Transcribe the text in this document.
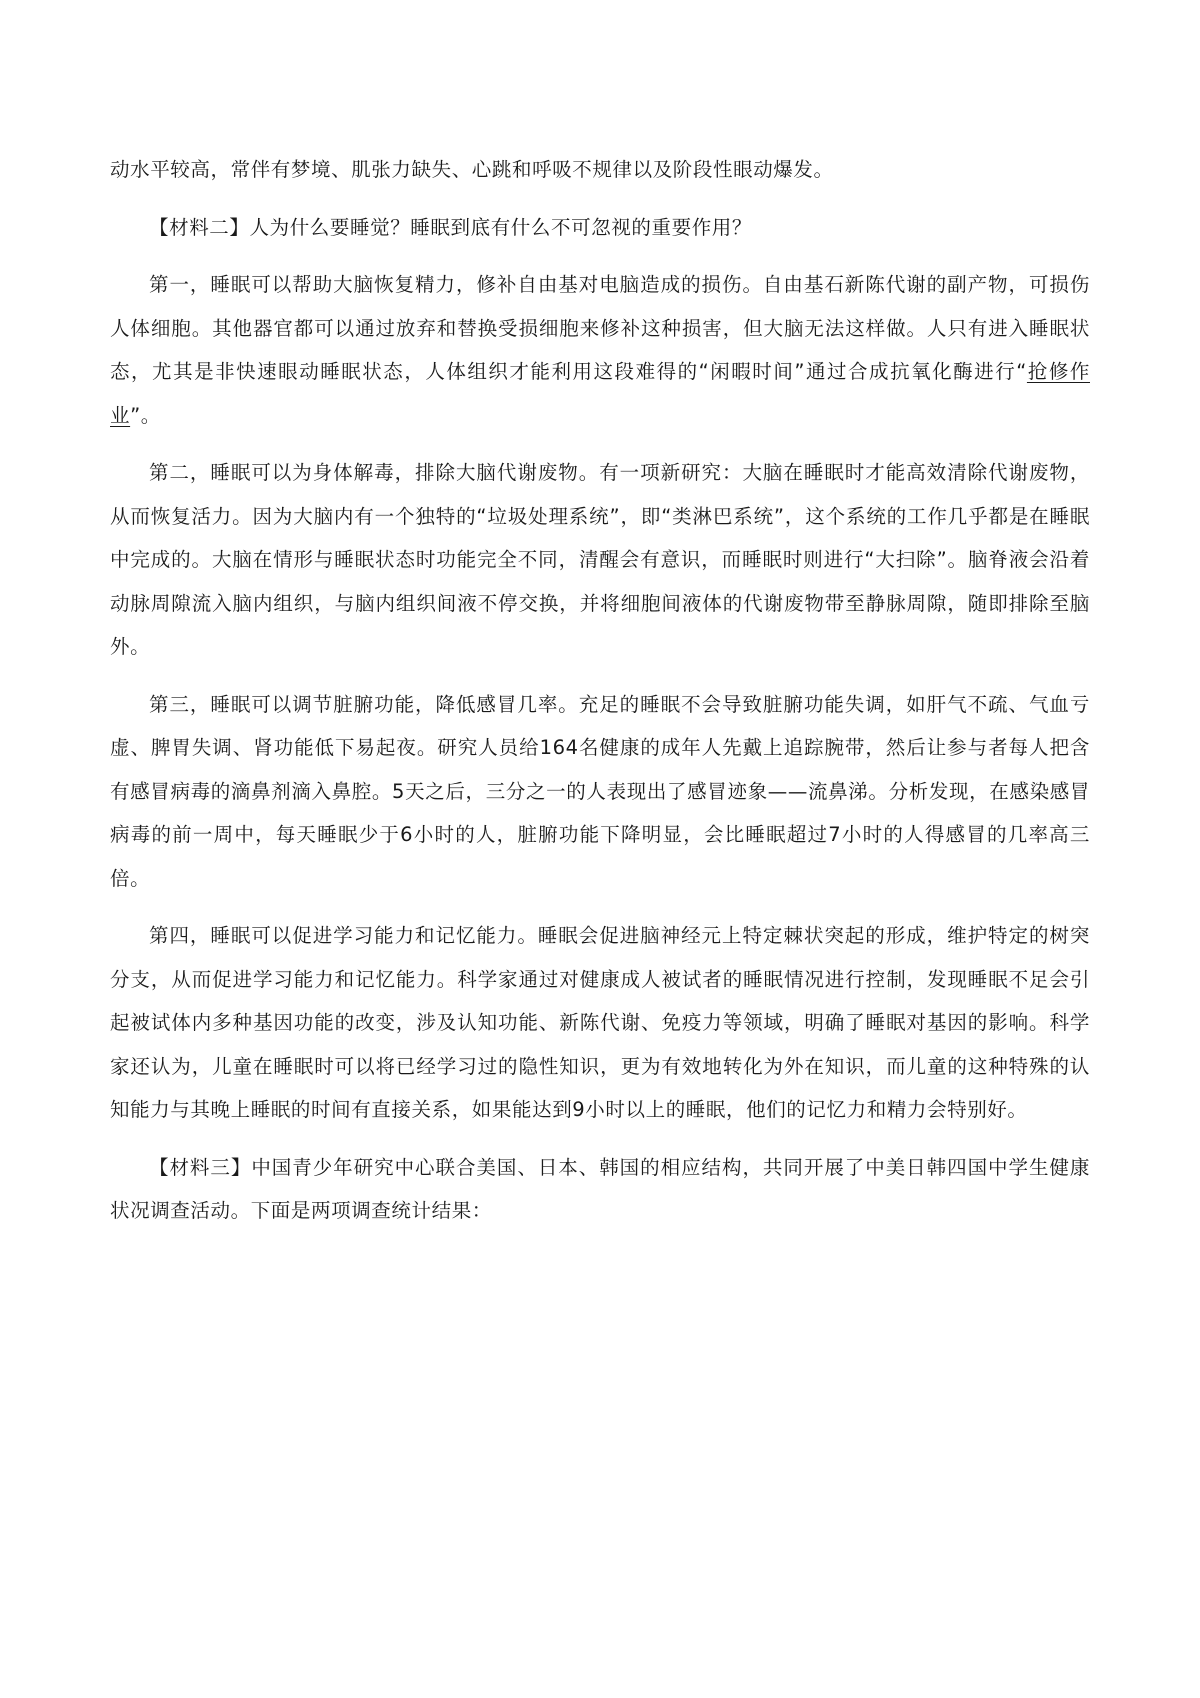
动水平较高，常伴有梦境、肌张力缺失、心跳和呼吸不规律以及阶段性眼动爆发。

【材料二】人为什么要睡觉？睡眠到底有什么不可忽视的重要作用？

第一，睡眠可以帮助大脑恢复精力，修补自由基对电脑造成的损伤。自由基石新陈代谢的副产物，可损伤人体细胞。其他器官都可以通过放弃和替换受损细胞来修补这种损害，但大脑无法这样做。人只有进入睡眠状态，尤其是非快速眼动睡眠状态，人体组织才能利用这段难得的“闲暇时间”通过合成抗氧化酶进行“抢修作业”。

第二，睡眠可以为身体解毒，排除大脑代谢废物。有一项新研究：大脑在睡眠时才能高效清除代谢废物，从而恢复活力。因为大脑内有一个独特的“垃圾处理系统”，即“类淋巴系统”，这个系统的工作几乎都是在睡眠中完成的。大脑在情形与睡眠状态时功能完全不同，清醒会有意识，而睡眠时则进行“大扫除”。脑脊液会沿着动脉周隙流入脑内组织，与脑内组织间液不停交换，并将细胞间液体的代谢废物带至静脉周隙，随即排除至脑外。

第三，睡眠可以调节脏腑功能，降低感冒几率。充足的睡眠不会导致脏腑功能失调，如肝气不疏、气血亏虚、脾胃失调、肾功能低下易起夜。研究人员给164名健康的成年人先戴上追踪腕带，然后让参与者每人把含有感冒病毒的滴鼻剂滴入鼻腔。5天之后，三分之一的人表现出了感冒迹象——流鼻涕。分析发现，在感染感冒病毒的前一周中，每天睡眠少于6小时的人，脏腑功能下降明显，会比睡眠超过7小时的人得感冒的几率高三倍。

第四，睡眠可以促进学习能力和记忆能力。睡眠会促进脑神经元上特定棘状突起的形成，维护特定的树突分支，从而促进学习能力和记忆能力。科学家通过对健康成人被试者的睡眠情况进行控制，发现睡眠不足会引起被试体内多种基因功能的改变，涉及认知功能、新陈代谢、免疫力等领域，明确了睡眠对基因的影响。科学家还认为，儿童在睡眠时可以将已经学习过的隐性知识，更为有效地转化为外在知识，而儿童的这种特殊的认知能力与其晚上睡眠的时间有直接关系，如果能达到9小时以上的睡眠，他们的记忆力和精力会特别好。

【材料三】中国青少年研究中心联合美国、日本、韩国的相应结构，共同开展了中美日韩四国中学生健康状况调查活动。下面是两项调查统计结果：
